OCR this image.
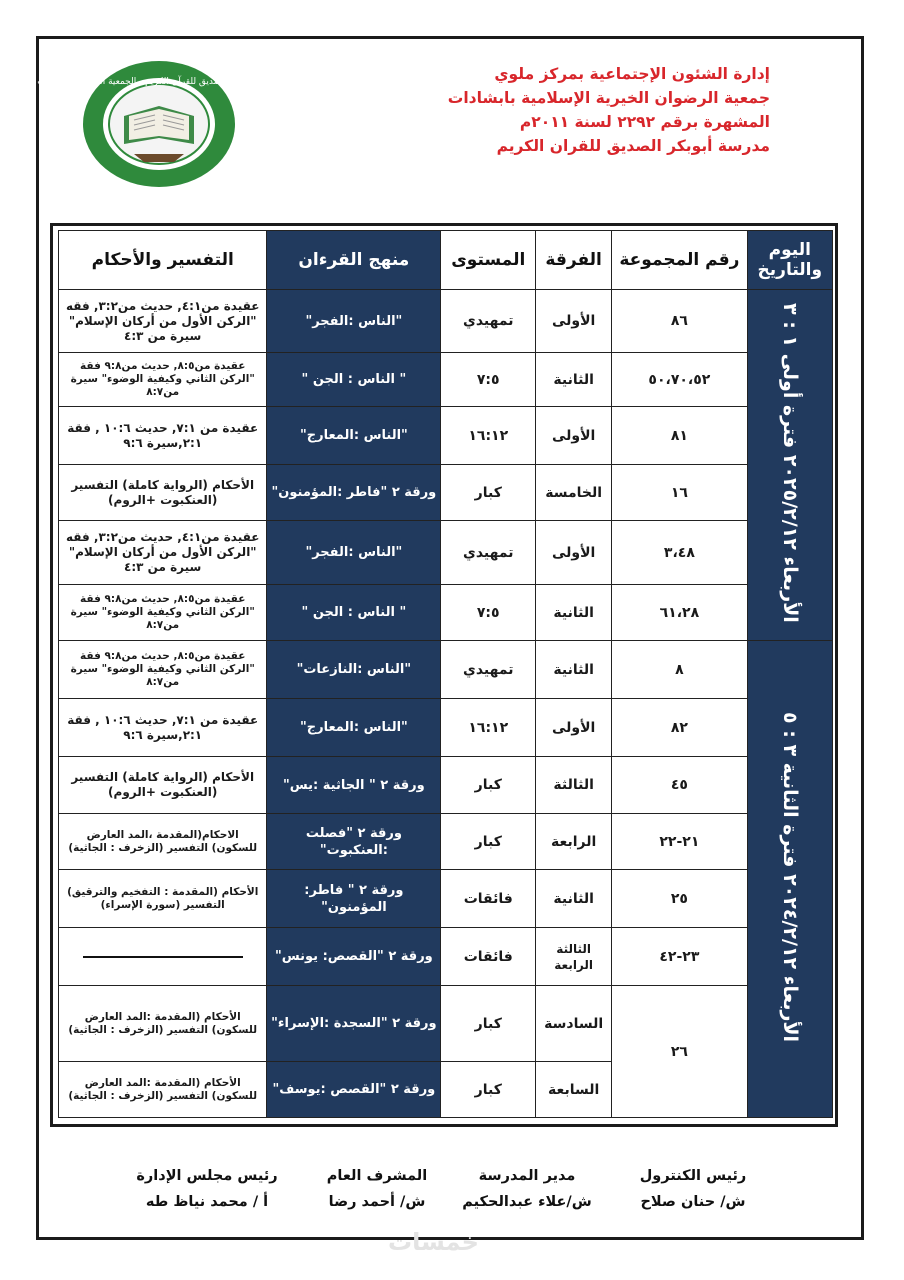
إدارة الشئون الإجتماعية بمركز ملوي
جمعية الرضوان الخيرية الإسلامية بابشادات
المشهرة برقم ٢٢٩٢ لسنة ٢٠١١م
مدرسة أبوبكر الصديق للقران الكريم
مدرسة أبوبكر الصديق للقرآن الكريم - الجمعية الرضوان بابشادات
اليوم والتاريخ	رقم المجموعة	الفرقة	المستوى	منهج القرءان	التفسير والأحكام
الأربعاء ٢٠٢٥/٢/١٢ فترة أولى ١ : ٣	٨٦	الأولى	تمهيدي	"الناس :الفجر"	عقيدة من٤:١, حديث من٣:٢, فقه "الركن الأول من أركان الإسلام" سيرة من ٤:٣
	٥٠،٧٠،٥٢	الثانية	٧:٥	" الناس : الجن "	عقيدة من٨:٥, حديث من٩:٨ فقة "الركن الثاني وكيفية الوضوء" سيرة من٨:٧
	٨١	الأولى	١٦:١٢	"الناس :المعارج"	عقيدة من ٧:١, حديث ١٠:٦ , فقة ٢:١,سيرة ٩:٦
	١٦	الخامسة	كبار	ورقة ٢ "فاطر :المؤمنون"	الأحكام (الرواية كاملة) التفسير (العنكبوت +الروم)
	٣،٤٨	الأولى	تمهيدي	"الناس :الفجر"	عقيدة من٤:١, حديث من٣:٢, فقه "الركن الأول من أركان الإسلام" سيرة من ٤:٣
	٦١،٢٨	الثانية	٧:٥	" الناس : الجن "	عقيدة من٨:٥, حديث من٩:٨ فقة "الركن الثاني وكيفية الوضوء" سيرة من٨:٧
الأربعاء ٢٠٢٤/٢/١٢ فترة الثانية ٣ : ٥	٨	الثانية	تمهيدي	"الناس :النازعات"	عقيدة من٨:٥, حديث من٩:٨ فقة "الركن الثاني وكيفية الوضوء" سيرة من٨:٧
	٨٢	الأولى	١٦:١٢	"الناس :المعارج"	عقيدة من ٧:١, حديث ١٠:٦ , فقة ٢:١,سيرة ٩:٦
	٤٥	الثالثة	كبار	ورقة ٢ " الجاثية :يس"	الأحكام (الرواية كاملة) التفسير (العنكبوت +الروم)
	٢١-٢٢	الرابعة	كبار	ورقة ٢ "فصلت :العنكبوت"	الاحكام(المقدمة ،المد العارض للسكون) التفسير (الزخرف : الجاثية)
	٢٥	الثانية	فائقات	ورقة ٢ " فاطر: المؤمنون"	الأحكام (المقدمة : التفخيم والترقيق) التفسير (سورة الإسراء)
	٢٣-٤٢	الثالثة الرابعة	فائقات	ورقة ٢ "القصص: يونس"	
	٢٦	السادسة	كبار	ورقة ٢ "السجدة :الإسراء"	الأحكام (المقدمة :المد العارض للسكون) التفسير (الزخرف : الجاثية)
		السابعة	كبار	ورقة ٢ "القصص :يوسف"	الأحكام (المقدمة :المد العارض للسكون) التفسير (الزخرف : الجاثية)
رئيس الكنترول
ش/ حنان صلاح
مدير المدرسة
ش/علاء عبدالحكيم
المشرف العام
ش/ أحمد رضا
رئيس مجلس الإدارة
أ / محمد نياظ طه
خمسات
